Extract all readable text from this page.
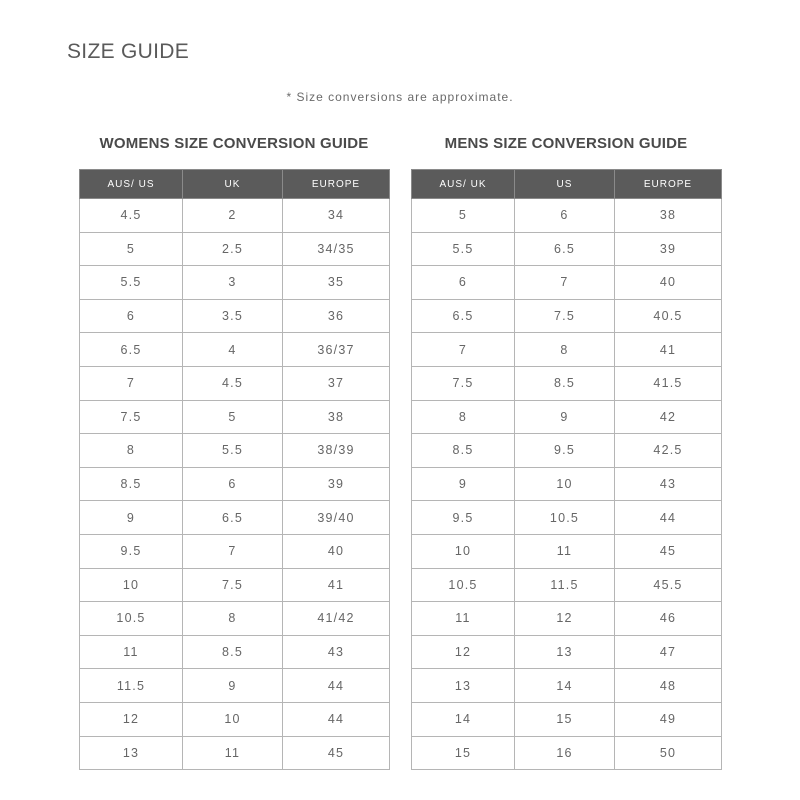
SIZE GUIDE
* Size conversions are approximate.
WOMENS SIZE CONVERSION GUIDE
AUS/ US	UK	EUROPE
4.5	2	34
5	2.5	34/35
5.5	3	35
6	3.5	36
6.5	4	36/37
7	4.5	37
7.5	5	38
8	5.5	38/39
8.5	6	39
9	6.5	39/40
9.5	7	40
10	7.5	41
10.5	8	41/42
11	8.5	43
11.5	9	44
12	10	44
13	11	45
MENS SIZE CONVERSION GUIDE
AUS/ UK	US	EUROPE
5	6	38
5.5	6.5	39
6	7	40
6.5	7.5	40.5
7	8	41
7.5	8.5	41.5
8	9	42
8.5	9.5	42.5
9	10	43
9.5	10.5	44
10	11	45
10.5	11.5	45.5
11	12	46
12	13	47
13	14	48
14	15	49
15	16	50
